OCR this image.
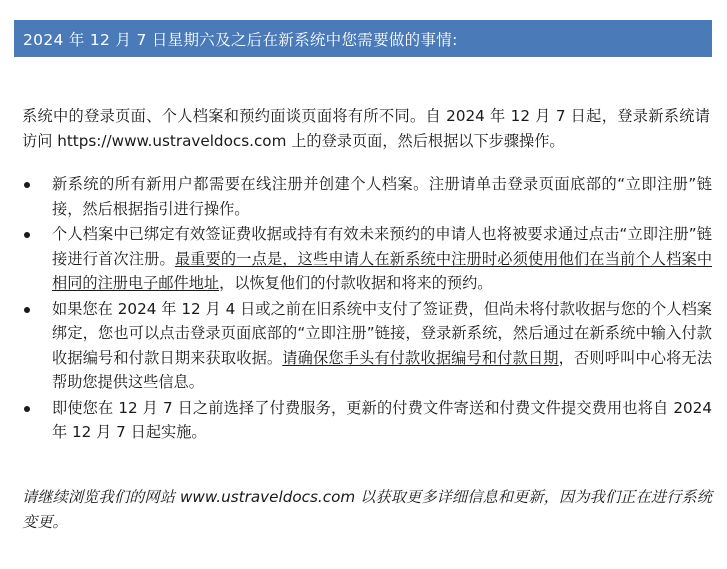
2024 年 12 月 7 日星期六及之后在新系统中您需要做的事情:

系统中的登录页面、个人档案和预约面谈页面将有所不同。自 2024 年 12 月 7 日起，登录新系统请访问 https://www.ustraveldocs.com 上的登录页面，然后根据以下步骤操作。

新系统的所有新用户都需要在线注册并创建个人档案。注册请单击登录页面底部的“立即注册”链接，然后根据指引进行操作。
个人档案中已绑定有效签证费收据或持有有效未来预约的申请人也将被要求通过点击“立即注册”链接进行首次注册。最重要的一点是，这些申请人在新系统中注册时必须使用他们在当前个人档案中相同的注册电子邮件地址，以恢复他们的付款收据和将来的预约。
如果您在 2024 年 12 月 4 日或之前在旧系统中支付了签证费，但尚未将付款收据与您的个人档案绑定，您也可以点击登录页面底部的“立即注册”链接，登录新系统，然后通过在新系统中输入付款收据编号和付款日期来获取收据。请确保您手头有付款收据编号和付款日期，否则呼叫中心将无法帮助您提供这些信息。
即使您在 12 月 7 日之前选择了付费服务，更新的付费文件寄送和付费文件提交费用也将自 2024 年 12 月 7 日起实施。

请继续浏览我们的网站 www.ustraveldocs.com 以获取更多详细信息和更新，因为我们正在进行系统变更。
